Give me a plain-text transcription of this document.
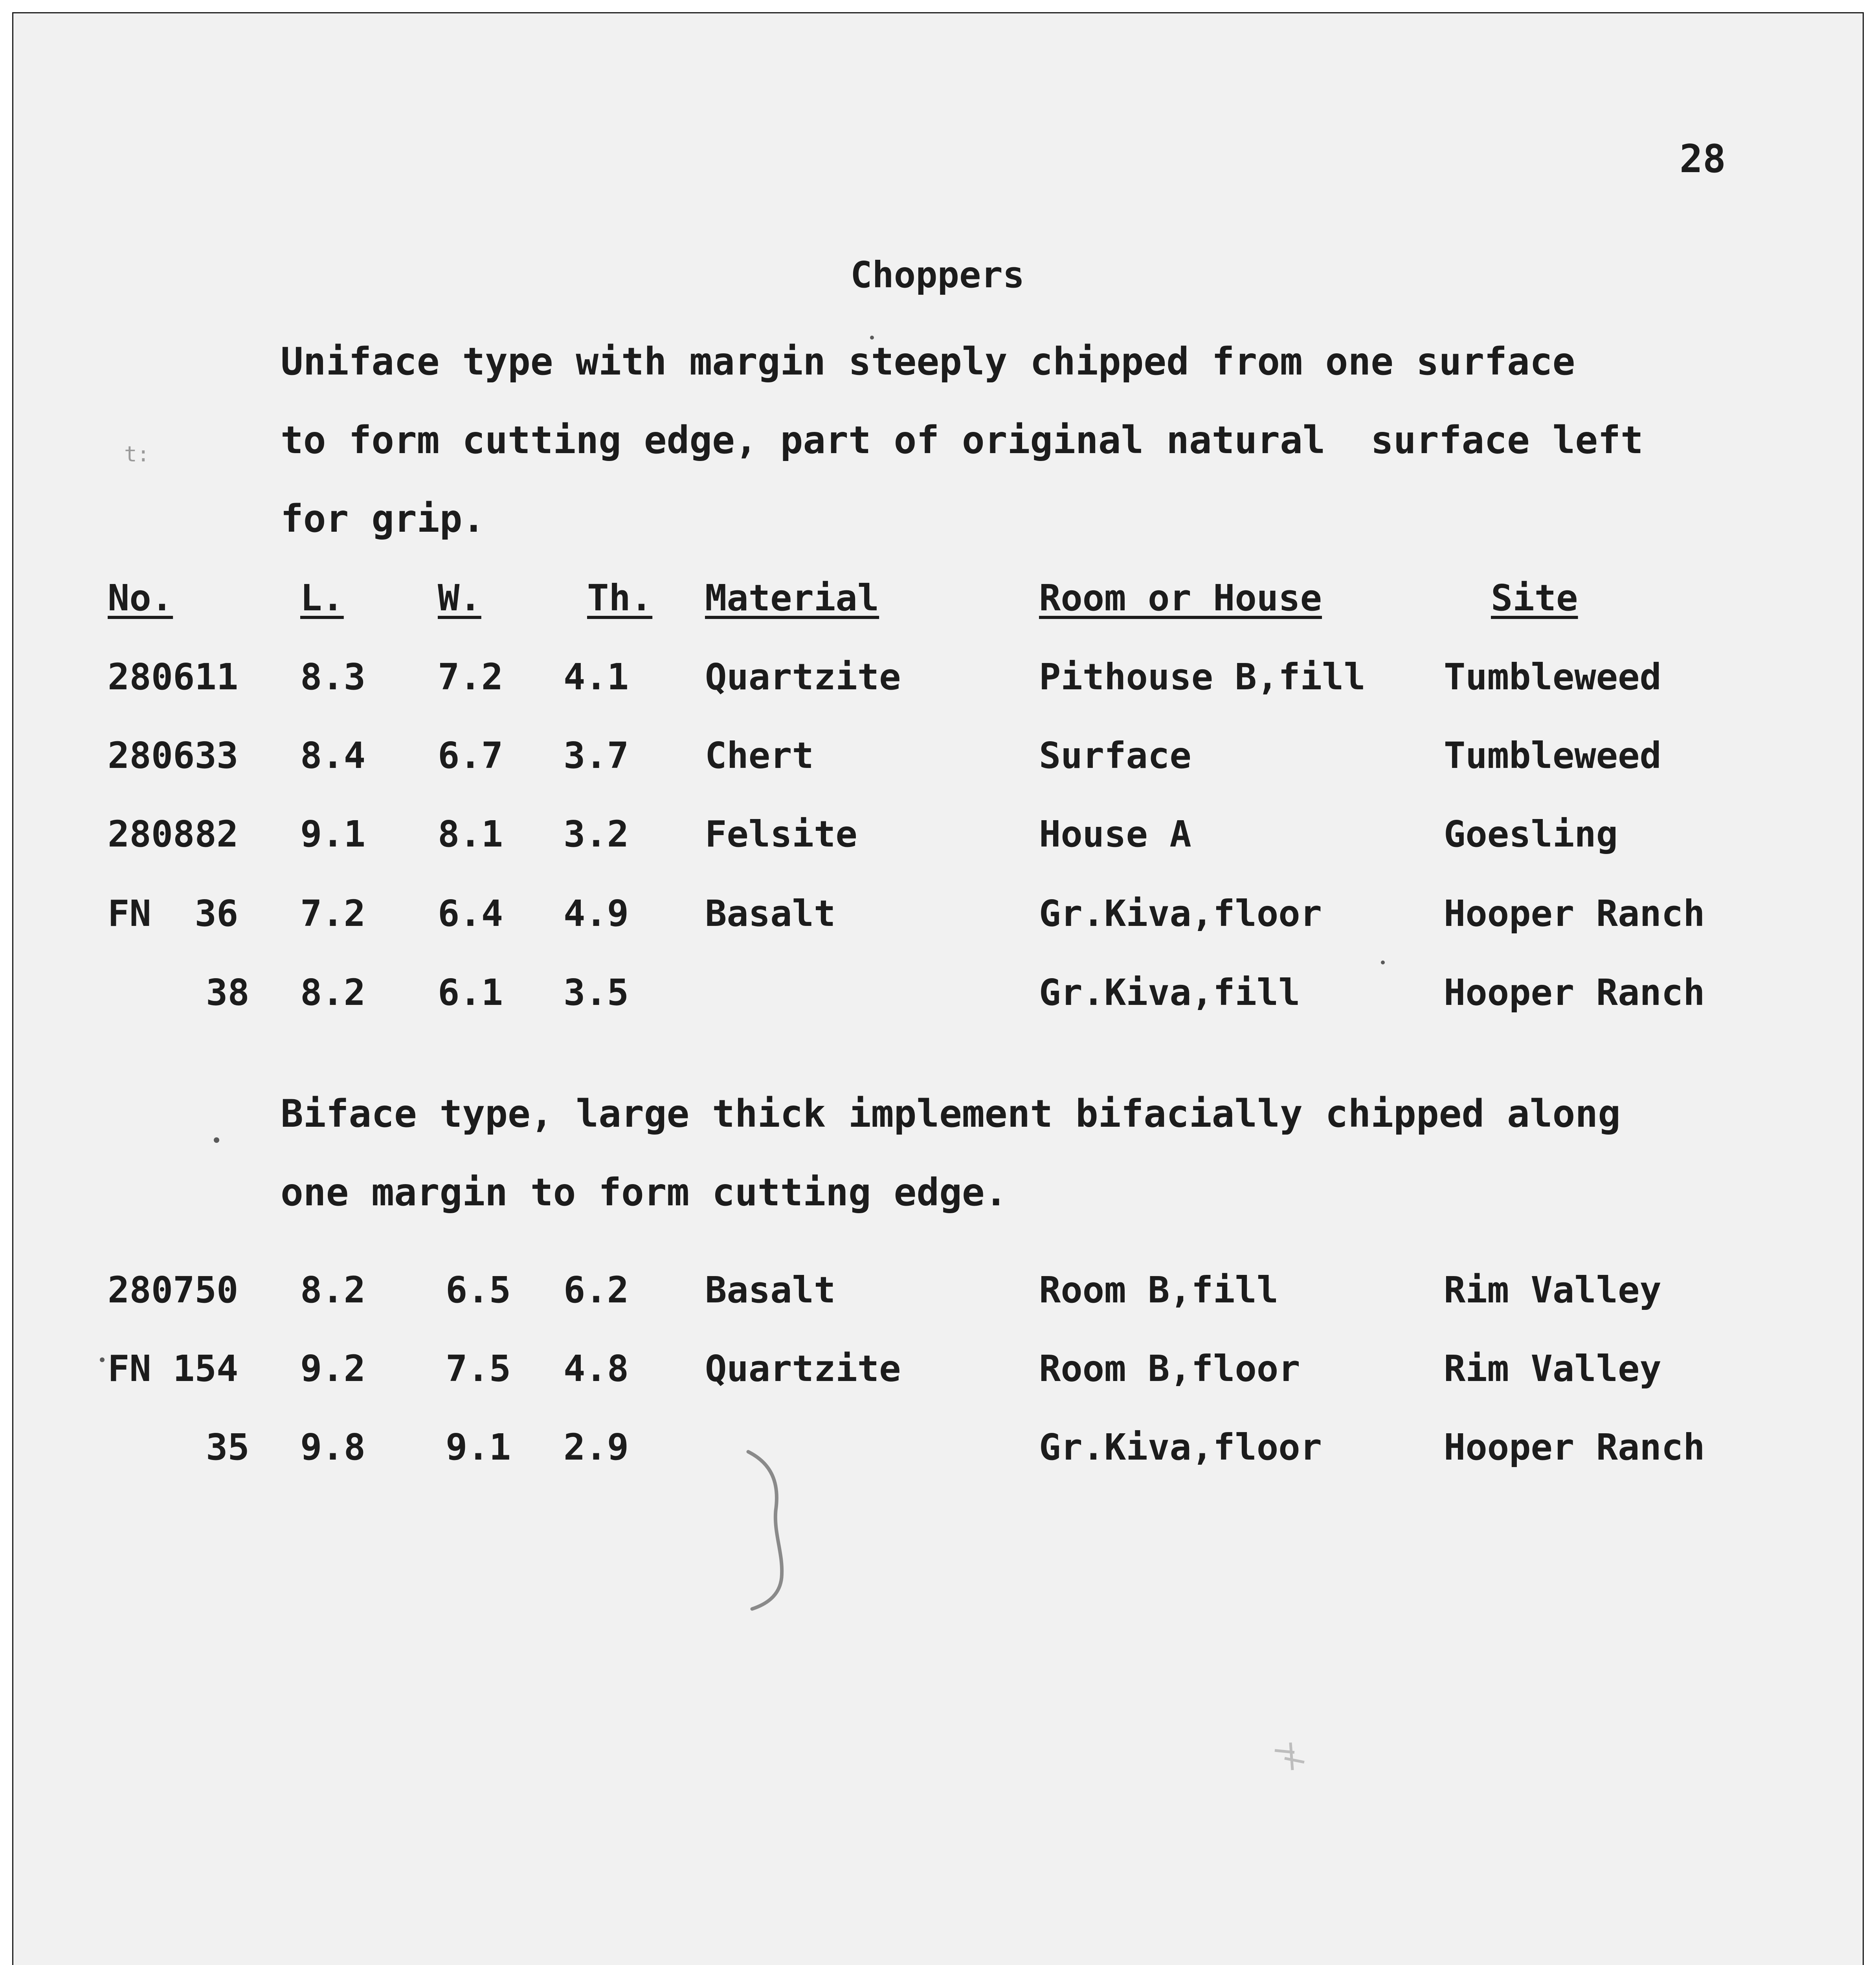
28
Choppers
t:
Uniface type with margin steeply chipped from one surface
to form cutting edge, part of original natural  surface left
for grip.
No.	L.	W.	Th. Material	Room or House	Site
280611 8.3 7.2 4.1 Quartzite	Pithouse B,fill Tumbleweed
280633 8.4 6.7 3.7 Chert	Surface	Tumbleweed
280882 9.1 8.1 3.2 Felsite	House A	Goesling
FN  36 7.2 6.4 4.9 Basalt	Gr.Kiva,floor	Hooper Ranch
38 8.2 6.1 3.5	Gr.Kiva,fill	Hooper Ranch
Biface type, large thick implement bifacially chipped along
one margin to form cutting edge.
280750 8.2 6.5 6.2 Basalt	Room B,fill	Rim Valley
FN 154 9.2 7.5 4.8 Quartzite	Room B,floor	Rim Valley
35 9.8 9.1 2.9	Gr.Kiva,floor	Hooper Ranch
